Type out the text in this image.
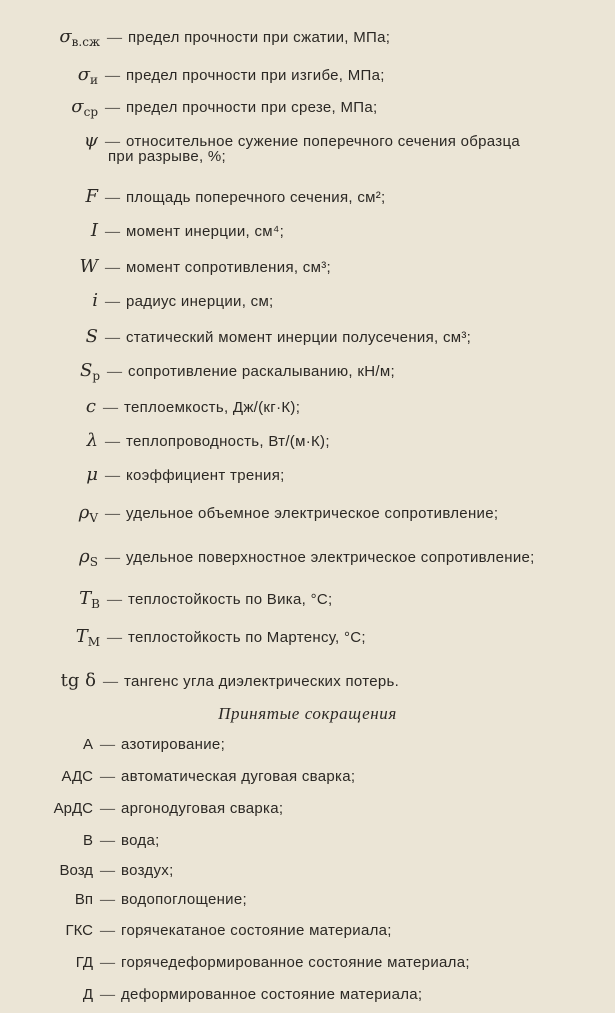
$\sigma_{в.сж}$ — предел прочности при сжатии, МПа;
$\sigma_и$ — предел прочности при изгибе, МПа;
$\sigma_{ср}$ — предел прочности при срезе, МПа;
ψ — относительное сужение поперечного сечения образца
при разрыве, %;
F — площадь поперечного сечения, см²;
I — момент инерции, см⁴;
W — момент сопротивления, см³;
i — радиус инерции, см;
S — статический момент инерции полусечения, см³;
$S_р$ — сопротивление раскалыванию, кН/м;
c — теплоемкость, Дж/(кг·К);
λ — теплопроводность, Вт/(м·К);
μ — коэффициент трения;
$\rho_V$ — удельное объемное электрическое сопротивление;
$\rho_S$ — удельное поверхностное электрическое сопротивление;
$T_В$ — теплостойкость по Вика, °С;
$T_М$ — теплостойкость по Мартенсу, °С;
tg δ — тангенс угла диэлектрических потерь.
Принятые сокращения
А — азотирование;
АДС — автоматическая дуговая сварка;
АрДС — аргонодуговая сварка;
В — вода;
Возд — воздух;
Вп — водопоглощение;
ГКС — горячекатаное состояние материала;
ГД — горячедеформированное состояние материала;
Д — деформированное состояние материала;
